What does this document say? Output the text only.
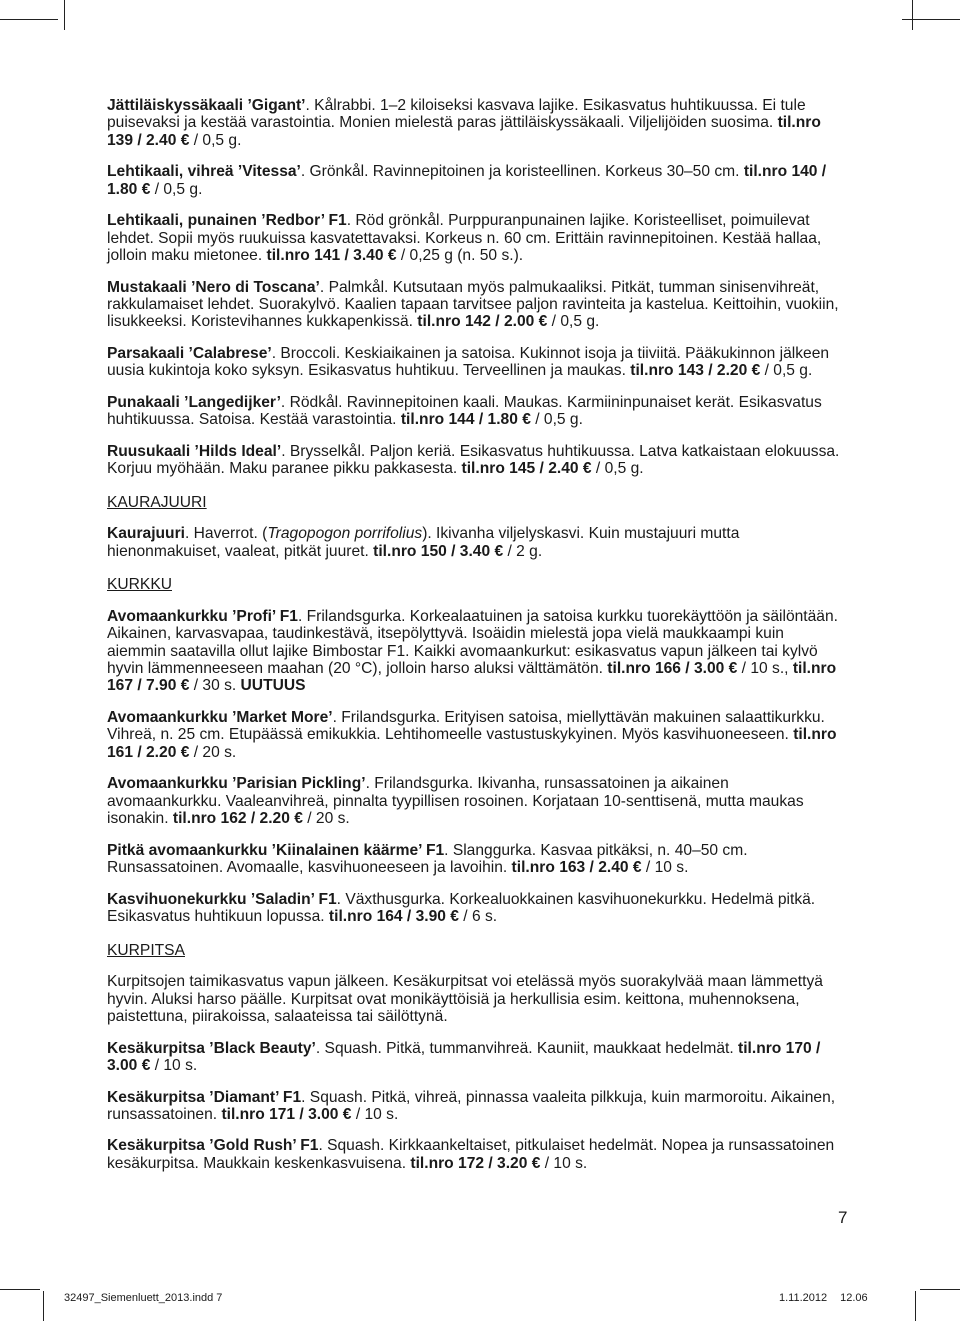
Jättiläiskyssäkaali ’Gigant’. Kålrabbi. 1–2 kiloiseksi kasvava lajike. Esikasvatus huhtikuussa. Ei tule puisevaksi ja kestää varastointia. Monien mielestä paras jättiläiskyssäkaali. Viljelijöiden suosima. til.nro 139 / 2.40 € / 0,5 g.
Lehtikaali, vihreä ’Vitessa’. Grönkål. Ravinnepitoinen ja koristeellinen. Korkeus 30–50 cm. til.nro 140 / 1.80 € / 0,5 g.
Lehtikaali, punainen ’Redbor’ F1. Röd grönkål. Purppuranpunainen lajike. Koristeelliset, poimuilevat lehdet. Sopii myös ruukuissa kasvatettavaksi. Korkeus n. 60 cm. Erittäin ravinnepitoinen. Kestää hallaa, jolloin maku mietonee. til.nro 141 / 3.40 € / 0,25 g (n. 50 s.).
Mustakaali ’Nero di Toscana’. Palmkål. Kutsutaan myös palmukaaliksi. Pitkät, tumman sinisenvihreät, rakkulamaiset lehdet. Suorakylvö. Kaalien tapaan tarvitsee paljon ravinteita ja kastelua. Keittoihin, vuokiin, lisukkeeksi. Koristevihannes kukkapenkissä. til.nro 142 / 2.00 € / 0,5 g.
Parsakaali ’Calabrese’. Broccoli. Keskiaikainen ja satoisa. Kukinnot isoja ja tiiviitä. Pääkukinnon jälkeen uusia kukintoja koko syksyn. Esikasvatus huhtikuu. Terveellinen ja maukas. til.nro 143 / 2.20 € / 0,5 g.
Punakaali ’Langedijker’. Rödkål. Ravinnepitoinen kaali. Maukas. Karmiininpunaiset kerät. Esikasvatus huhtikuussa. Satoisa. Kestää varastointia. til.nro 144 / 1.80 € / 0,5 g.
Ruusukaali ’Hilds Ideal’. Brysselkål. Paljon keriä. Esikasvatus huhtikuussa. Latva katkaistaan elokuussa. Korjuu myöhään. Maku paranee pikku pakkasesta. til.nro 145 / 2.40 € / 0,5 g.
KAURAJUURI
Kaurajuuri. Haverrot. (Tragopogon porrifolius). Ikivanha viljelyskasvi. Kuin mustajuuri mutta hienonmakuiset, vaaleat, pitkät juuret. til.nro 150 / 3.40 € / 2 g.
KURKKU
Avomaankurkku ’Profi’ F1. Frilandsgurka. Korkealaatuinen ja satoisa kurkku tuorekäyttöön ja säilöntään. Aikainen, karvasvapaa, taudinkestävä, itsepölyttyvä. Isoäidin mielestä jopa vielä maukkaampi kuin aiemmin saatavilla ollut lajike Bimbostar F1. Kaikki avomaankurkut: esikasvatus vapun jälkeen tai kylvö hyvin lämmenneeseen maahan (20 °C), jolloin harso aluksi välttämätön. til.nro 166 / 3.00 € / 10 s., til.nro 167 / 7.90 € / 30 s. UUTUUS
Avomaankurkku ’Market More’. Frilandsgurka. Erityisen satoisa, miellyttävän makuinen salaattikurkku. Vihreä, n. 25 cm. Etupäässä emikukkia. Lehtihomeelle vastustuskykyinen. Myös kasvihuoneeseen. til.nro 161 / 2.20 € / 20 s.
Avomaankurkku ’Parisian Pickling’. Frilandsgurka. Ikivanha, runsassatoinen ja aikainen avomaankurkku. Vaaleanvihreä, pinnalta tyypillisen rosoinen. Korjataan 10-senttisenä, mutta maukas isonakin. til.nro 162 / 2.20 € / 20 s.
Pitkä avomaankurkku ’Kiinalainen käärme’ F1. Slanggurka. Kasvaa pitkäksi, n. 40–50 cm. Runsassatoinen. Avomaalle, kasvihuoneeseen ja lavoihin. til.nro 163 / 2.40 € / 10 s.
Kasvihuonekurkku ’Saladin’ F1. Växthusgurka. Korkealuokkainen kasvihuonekurkku. Hedelmä pitkä. Esikasvatus huhtikuun lopussa. til.nro 164 / 3.90 € / 6 s.
KURPITSA
Kurpitsojen taimikasvatus vapun jälkeen. Kesäkurpitsat voi etelässä myös suorakylvää maan lämmettyä hyvin. Aluksi harso päälle. Kurpitsat ovat monikäyttöisiä ja herkullisia esim. keittona, muhennoksena, paistettuna, piirakoissa, salaateissa tai säilöttynä.
Kesäkurpitsa ’Black Beauty’. Squash. Pitkä, tummanvihreä. Kauniit, maukkaat hedelmät. til.nro 170 / 3.00 € / 10 s.
Kesäkurpitsa ’Diamant’ F1. Squash. Pitkä, vihreä, pinnassa vaaleita pilkkuja, kuin marmoroitu. Aikainen, runsassatoinen. til.nro 171 / 3.00 € / 10 s.
Kesäkurpitsa ’Gold Rush’ F1. Squash. Kirkkaankeltaiset, pitkulaiset hedelmät. Nopea ja runsassatoinen kesäkurpitsa. Maukkain keskenkasvuisena. til.nro 172 / 3.20 € / 10 s.
7
32497_Siemenluett_2013.indd 7	1.11.2012 12.06
